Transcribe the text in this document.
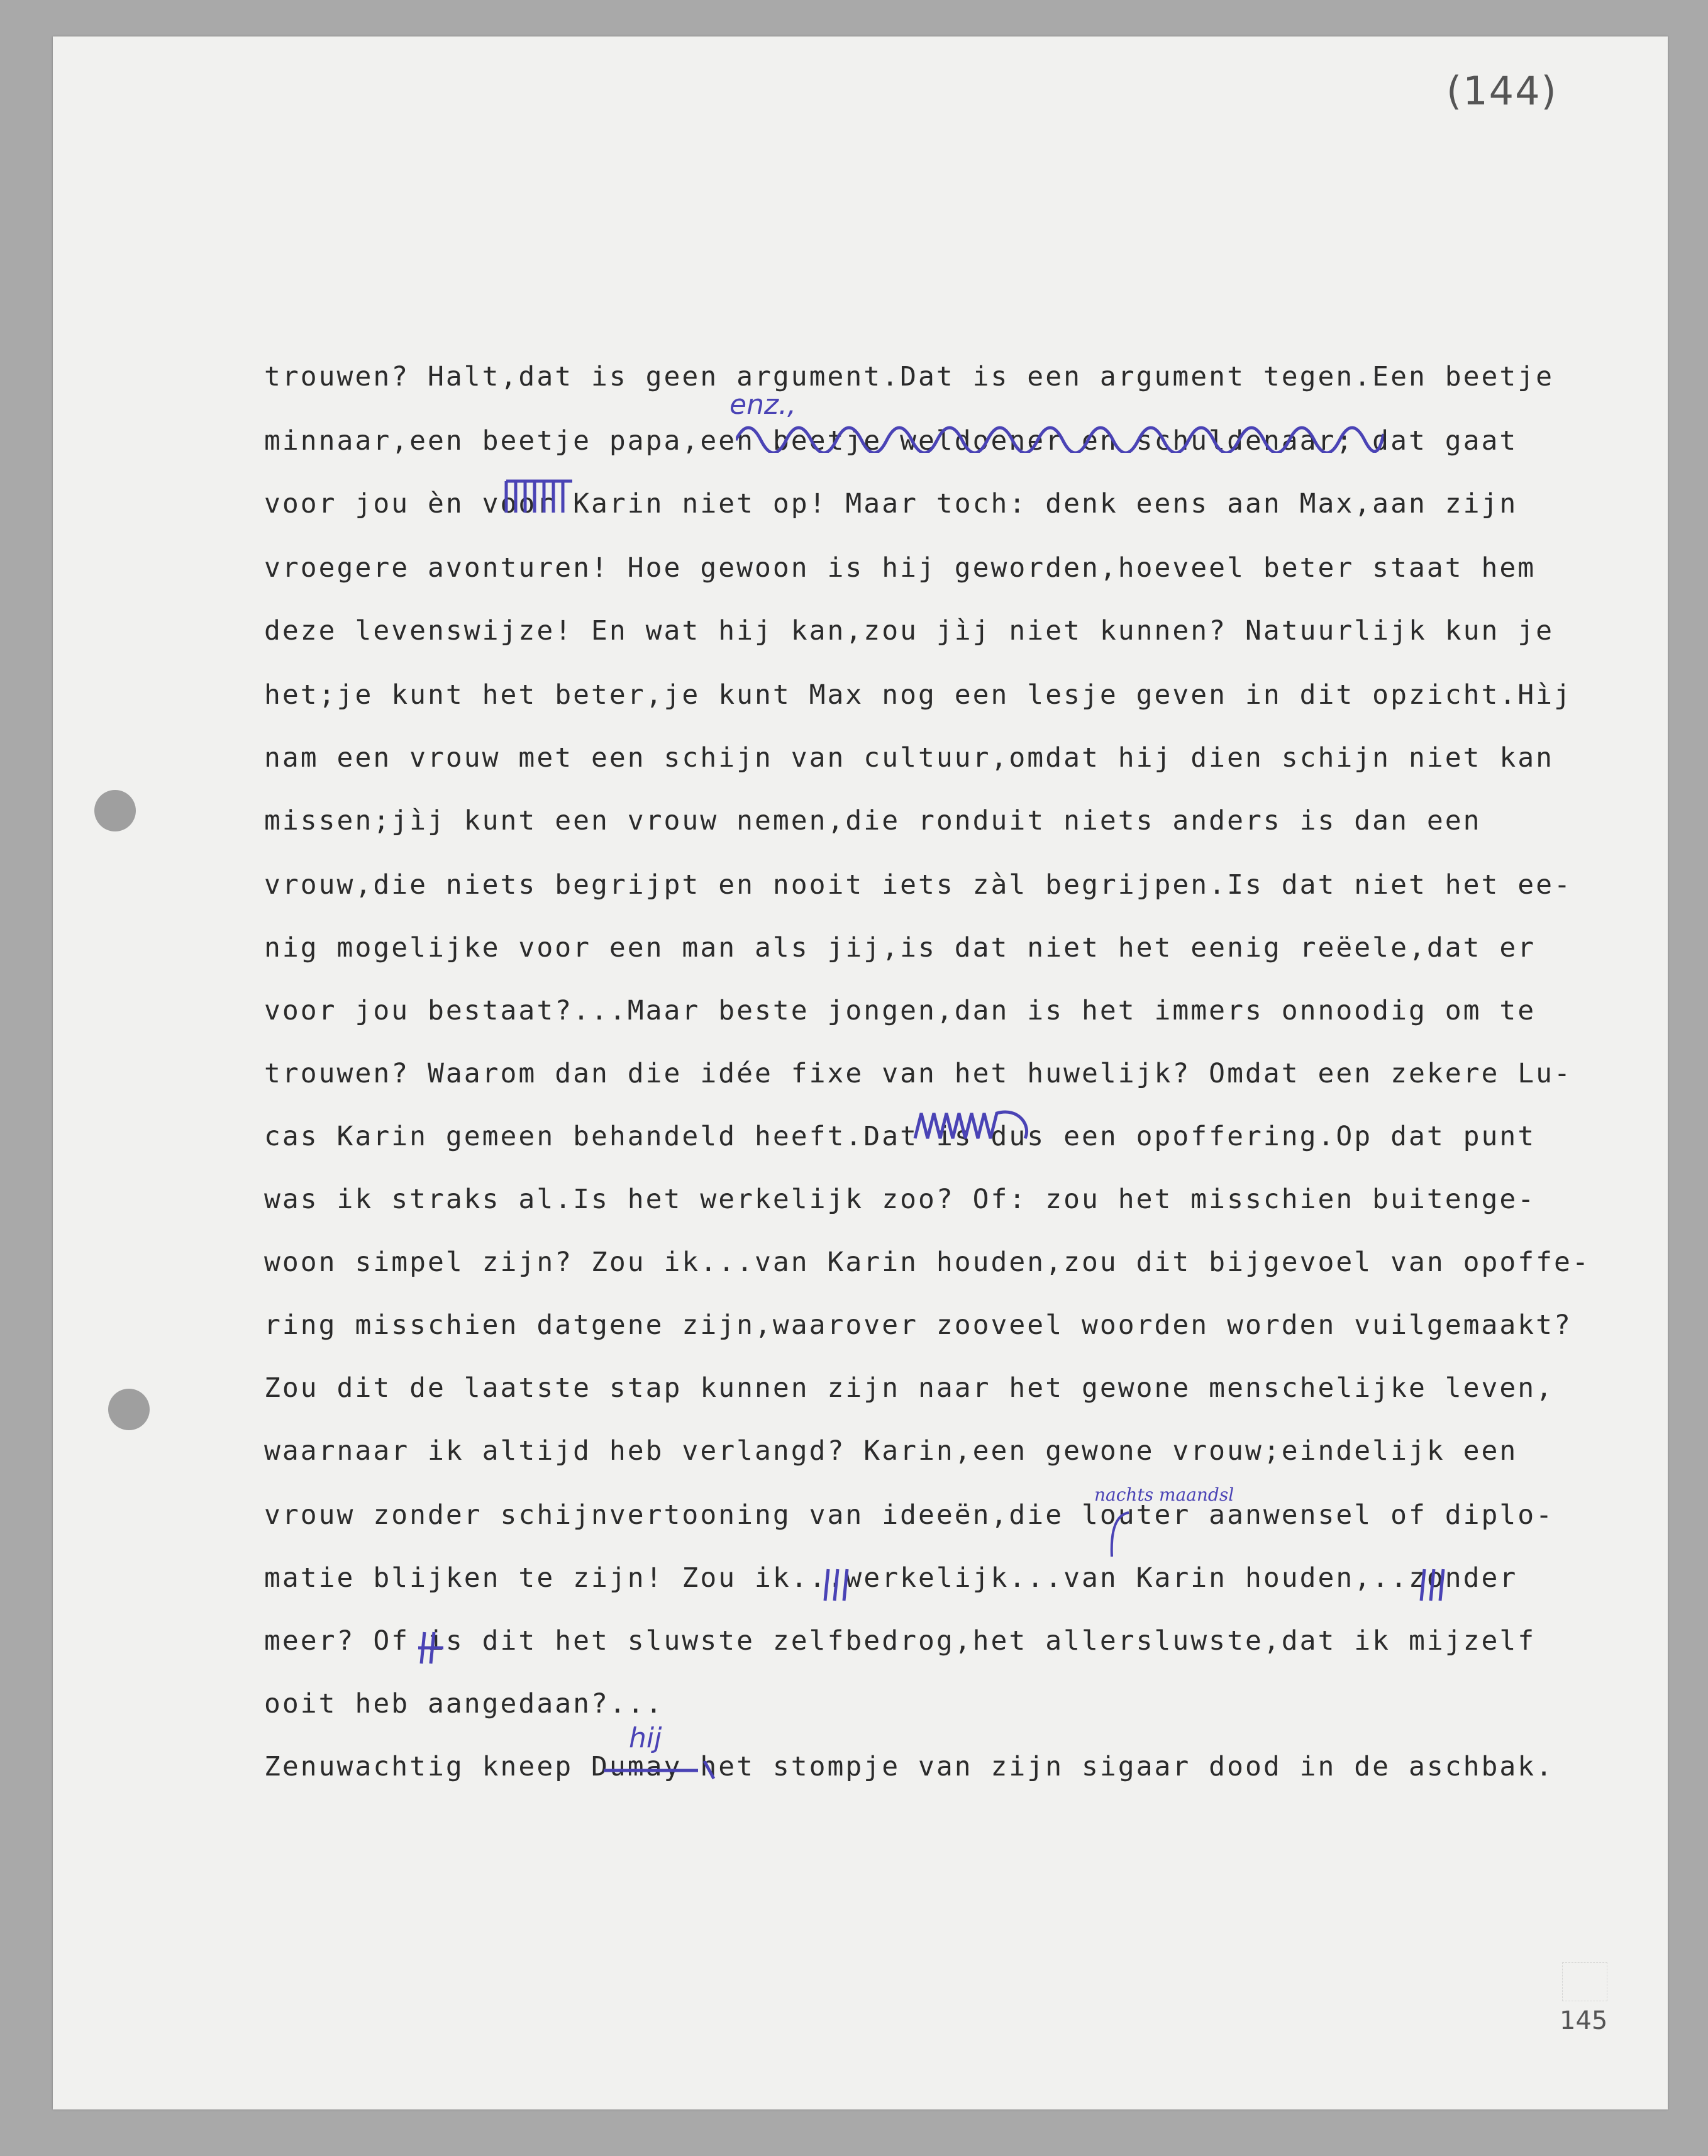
(144)
trouwen? Halt,dat is geen argument.Dat is een argument tegen.Een beetje
minnaar,een beetje papa,een beetje weldoener en schuldenaar; dat gaat
voor jou èn voor Karin niet op! Maar toch: denk eens aan Max,aan zijn
vroegere avonturen! Hoe gewoon is hij geworden,hoeveel beter staat hem
deze levenswijze! En wat hij kan,zou jìj niet kunnen? Natuurlijk kun je
het;je kunt het beter,je kunt Max nog een lesje geven in dit opzicht.Hìj
nam een vrouw met een schijn van cultuur,omdat hij dien schijn niet kan
missen;jìj kunt een vrouw nemen,die ronduit niets anders is dan een
vrouw,die niets begrijpt en nooit iets zàl begrijpen.Is dat niet het ee-
nig mogelijke voor een man als jij,is dat niet het eenig reëele,dat er
voor jou bestaat?...Maar beste jongen,dan is het immers onnoodig om te
trouwen? Waarom dan die idée fixe van het huwelijk? Omdat een zekere Lu-
cas Karin gemeen behandeld heeft.Dat is dus een opoffering.Op dat punt
was ik straks al.Is het werkelijk zoo? Of: zou het misschien buitenge-
woon simpel zijn? Zou ik...van Karin houden,zou dit bijgevoel van opoffe-
ring misschien datgene zijn,waarover zooveel woorden worden vuilgemaakt?
Zou dit de laatste stap kunnen zijn naar het gewone menschelijke leven,
waarnaar ik altijd heb verlangd? Karin,een gewone vrouw;eindelijk een
vrouw zonder schijnvertooning van ideeën,die louter aanwensel of diplo-
matie blijken te zijn! Zou ik...werkelijk...van Karin houden,..zonder
meer? Of is dit het sluwste zelfbedrog,het allersluwste,dat ik mijzelf
ooit heb aangedaan?...
Zenuwachtig kneep Dumay het stompje van zijn sigaar dood in de aschbak.
enz.,
nachts maandsl
hij
145
